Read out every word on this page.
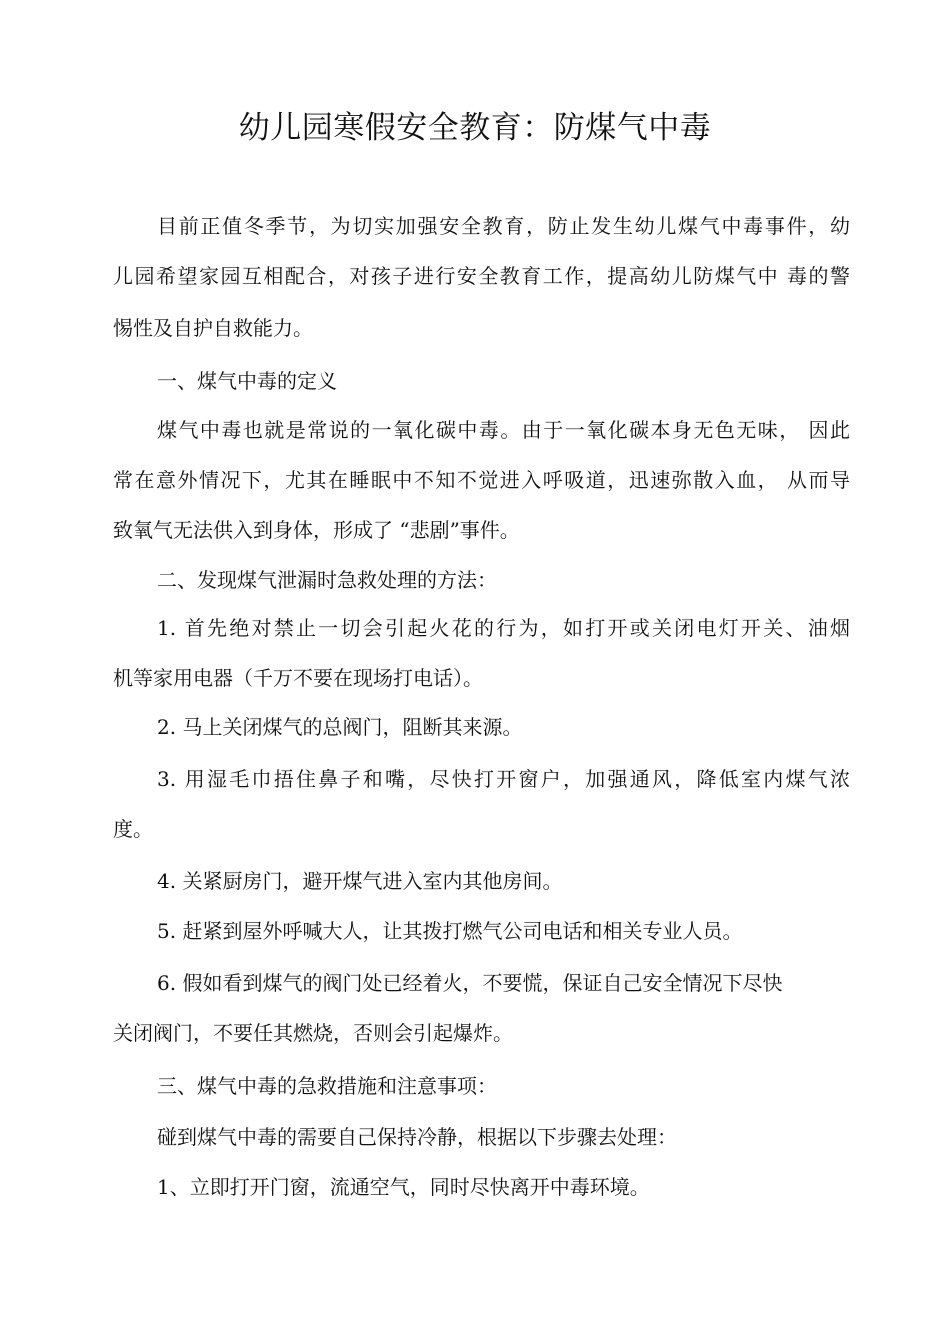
幼儿园寒假安全教育：防煤气中毒

目前正值冬季节，为切实加强安全教育，防止发生幼儿煤气中毒事件，幼

儿园希望家园互相配合，对孩子进行安全教育工作，提高幼儿防煤气中 毒的警

惕性及自护自救能力。

一、煤气中毒的定义

煤气中毒也就是常说的一氧化碳中毒。由于一氧化碳本身无色无味， 因此

常在意外情况下，尤其在睡眠中不知不觉进入呼吸道，迅速弥散入血， 从而导

致氧气无法供入到身体，形成了 “悲剧”事件。

二、发现煤气泄漏时急救处理的方法：

1. 首先绝对禁止一切会引起火花的行为，如打开或关闭电灯开关、油烟

机等家用电器（千万不要在现场打电话）。

2. 马上关闭煤气的总阀门，阻断其来源。

3. 用湿毛巾捂住鼻子和嘴，尽快打开窗户，加强通风，降低室内煤气浓

度。

4. 关紧厨房门，避开煤气进入室内其他房间。

5. 赶紧到屋外呼喊大人，让其拨打燃气公司电话和相关专业人员。

6. 假如看到煤气的阀门处已经着火，不要慌，保证自己安全情况下尽快

关闭阀门，不要任其燃烧，否则会引起爆炸。

三、煤气中毒的急救措施和注意事项：

碰到煤气中毒的需要自己保持冷静，根据以下步骤去处理：

1、立即打开门窗，流通空气，同时尽快离开中毒环境。
